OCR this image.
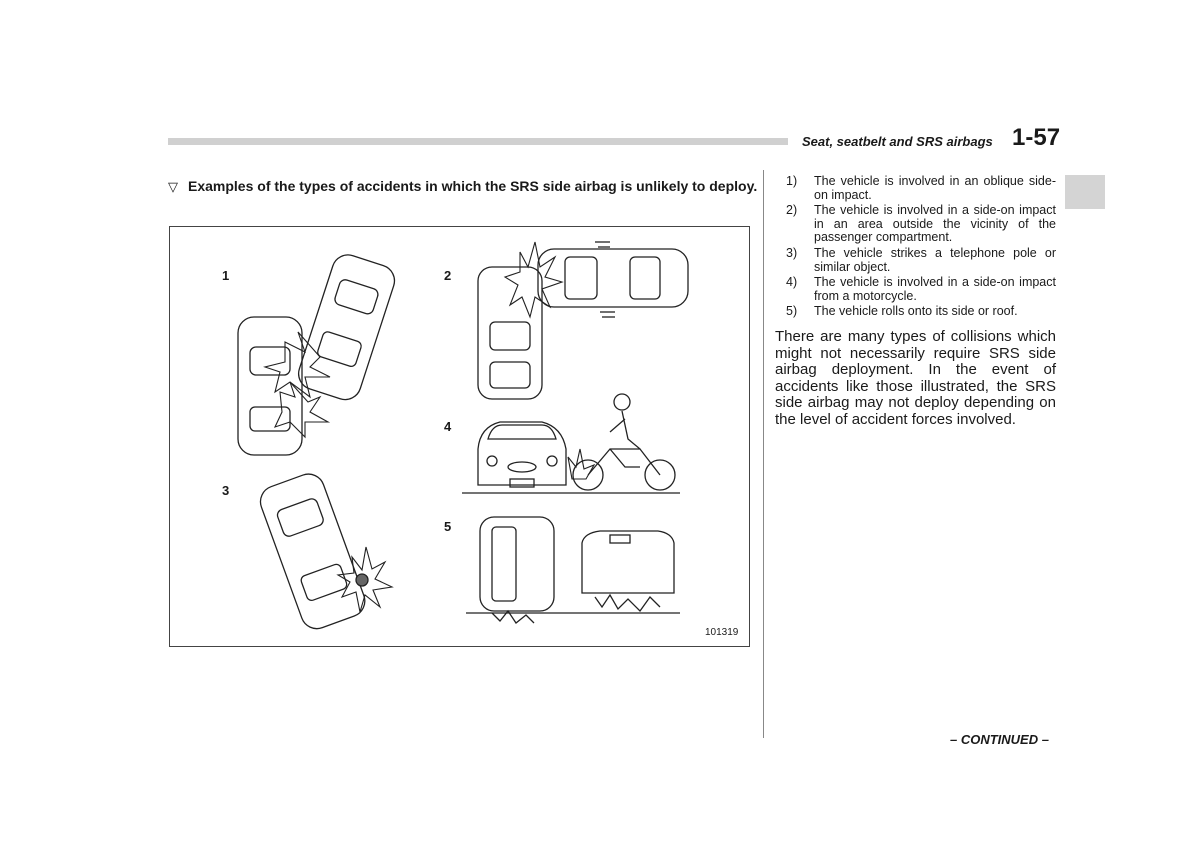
Seat, seatbelt and SRS airbags 1-57
▽ Examples of the types of accidents in which the SRS side airbag is unlikely to deploy.
1	2
3
4
5
101319
1)	The vehicle is involved in an oblique side-on impact.
2)	The vehicle is involved in a side-on impact in an area outside the vicinity of the passenger compartment.
3)	The vehicle strikes a telephone pole or similar object.
4)	The vehicle is involved in a side-on impact from a motorcycle.
5)	The vehicle rolls onto its side or roof.
There are many types of collisions which might not necessarily require SRS side airbag deployment. In the event of accidents like those illustrated, the SRS side airbag may not deploy depending on the level of accident forces involved.
– CONTINUED –
